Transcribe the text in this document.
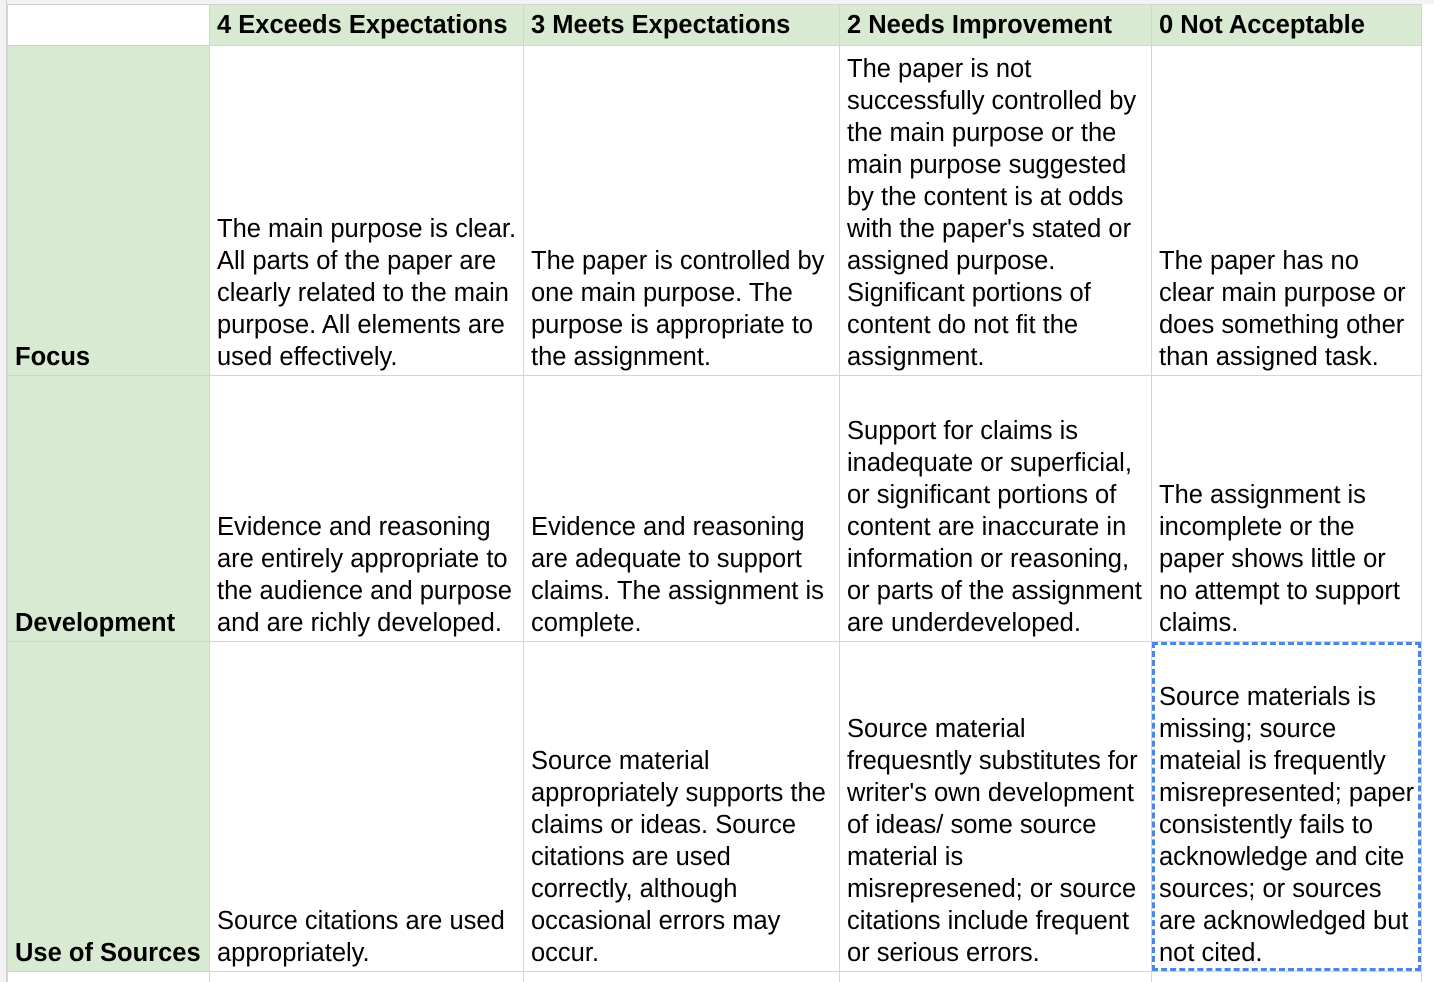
	4 Exceeds Expectations	3 Meets Expectations	2 Needs Improvement	0 Not Acceptable
Focus	The main purpose is clear. All parts of the paper are clearly related to the main purpose. All elements are used effectively.	The paper is controlled by one main purpose. The purpose is appropriate to the assignment.	The paper is not successfully controlled by the main purpose or the main purpose suggested by the content is at odds with the paper's stated or assigned purpose. Significant portions of content do not fit the assignment.	The paper has no clear main purpose or does something other than assigned task.
Development	Evidence and reasoning are entirely appropriate to the audience and purpose and are richly developed.	Evidence and reasoning are adequate to support claims. The assignment is complete.	Support for claims is inadequate or superficial, or significant portions of content are inaccurate in information or reasoning, or parts of the assignment are underdeveloped.	The assignment is incomplete or the paper shows little or no attempt to support claims.
Use of Sources	Source citations are used appropriately.	Source material appropriately supports the claims or ideas. Source citations are used correctly, although occasional errors may occur.	Source material frequesntly substitutes for writer's own development of ideas/ some source material is misrepresened; or source citations include frequent or serious errors.	Source materials is missing; source mateial is frequently misrepresented; paper consistently fails to acknowledge and cite sources; or sources are acknowledged but not cited.
